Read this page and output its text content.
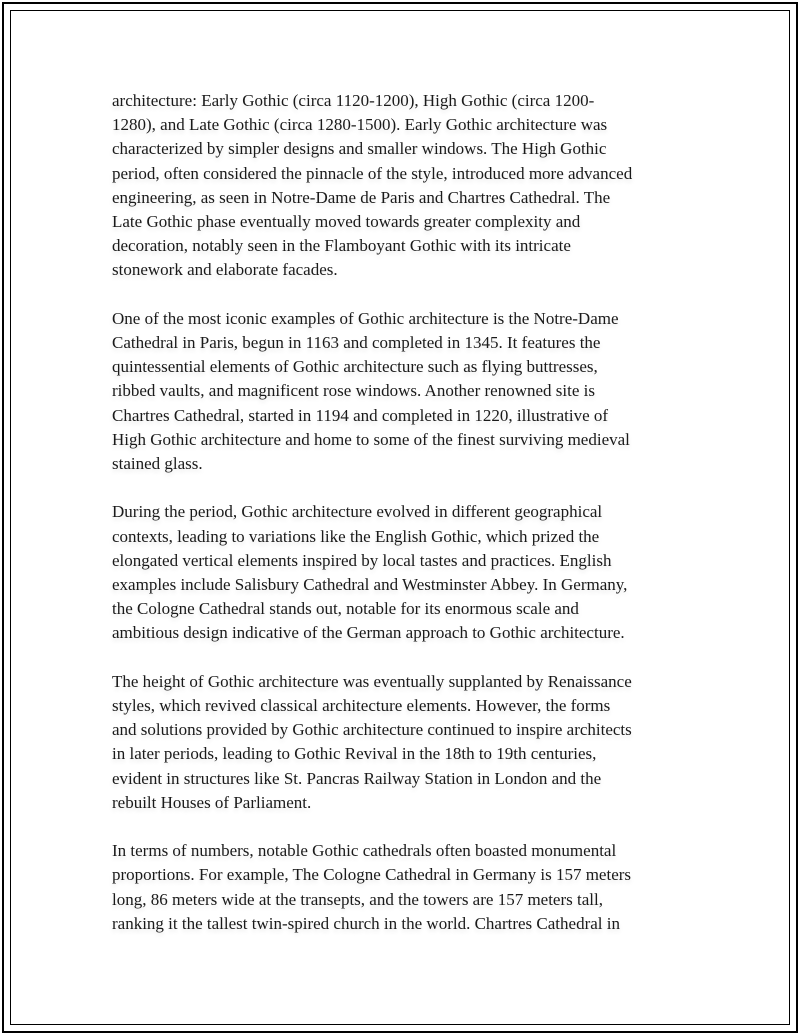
architecture: Early Gothic (circa 1120-1200), High Gothic (circa 1200-
1280), and Late Gothic (circa 1280-1500). Early Gothic architecture was
characterized by simpler designs and smaller windows. The High Gothic
period, often considered the pinnacle of the style, introduced more advanced
engineering, as seen in Notre-Dame de Paris and Chartres Cathedral. The
Late Gothic phase eventually moved towards greater complexity and
decoration, notably seen in the Flamboyant Gothic with its intricate
stonework and elaborate facades.

One of the most iconic examples of Gothic architecture is the Notre-Dame
Cathedral in Paris, begun in 1163 and completed in 1345. It features the
quintessential elements of Gothic architecture such as flying buttresses,
ribbed vaults, and magnificent rose windows. Another renowned site is
Chartres Cathedral, started in 1194 and completed in 1220, illustrative of
High Gothic architecture and home to some of the finest surviving medieval
stained glass.

During the period, Gothic architecture evolved in different geographical
contexts, leading to variations like the English Gothic, which prized the
elongated vertical elements inspired by local tastes and practices. English
examples include Salisbury Cathedral and Westminster Abbey. In Germany,
the Cologne Cathedral stands out, notable for its enormous scale and
ambitious design indicative of the German approach to Gothic architecture.

The height of Gothic architecture was eventually supplanted by Renaissance
styles, which revived classical architecture elements. However, the forms
and solutions provided by Gothic architecture continued to inspire architects
in later periods, leading to Gothic Revival in the 18th to 19th centuries,
evident in structures like St. Pancras Railway Station in London and the
rebuilt Houses of Parliament.

In terms of numbers, notable Gothic cathedrals often boasted monumental
proportions. For example, The Cologne Cathedral in Germany is 157 meters
long, 86 meters wide at the transepts, and the towers are 157 meters tall,
ranking it the tallest twin-spired church in the world. Chartres Cathedral in
